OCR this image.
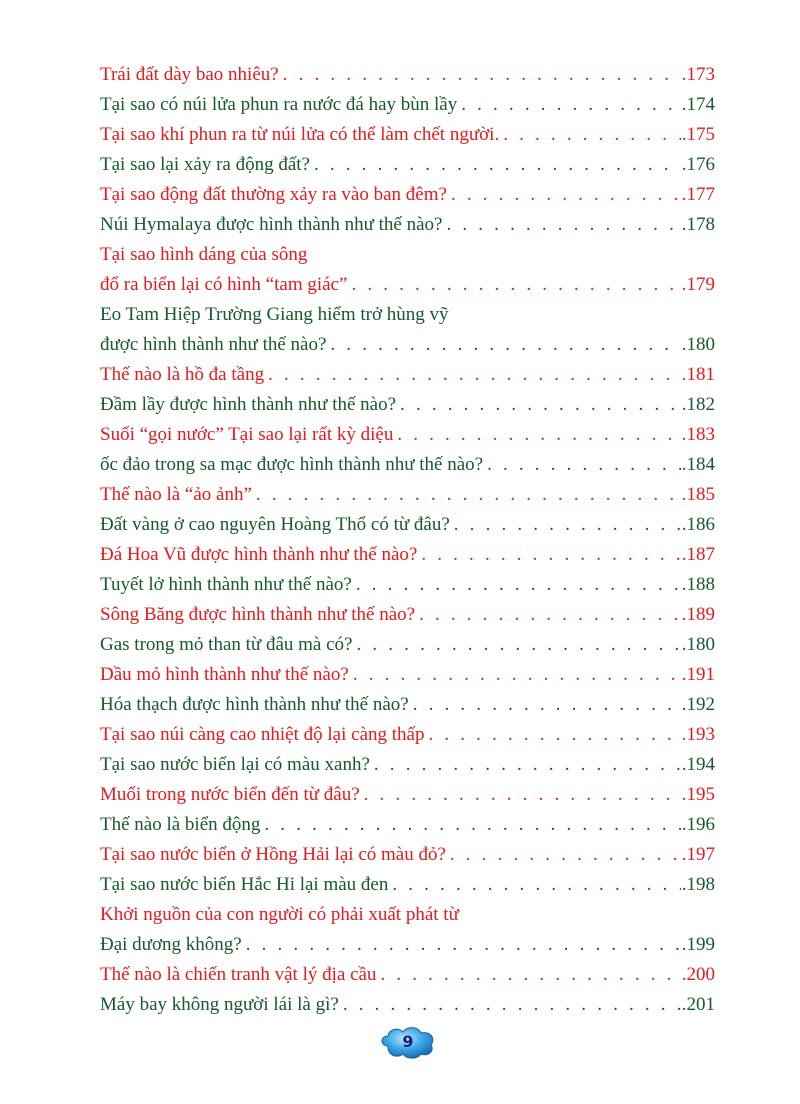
Trái đất dày bao nhiêu? . . .	.173
Tại sao có núi lửa phun ra nước đá hay bùn lầy . . .	.174
Tại sao khí phun ra từ núi lửa có thể làm chết người. . . .	.175
Tại sao lại xảy ra động đất? . . .	.176
Tại sao động đất thường xảy ra vào ban đêm? . . .	.177
Núi Hymalaya được hình thành như thế nào? . . .	.178
Tại sao hình dáng của sông
đổ ra biển lại có hình “tam giác” . . .	.179
Eo Tam Hiệp Trường Giang hiểm trở hùng vỹ
được hình thành như thế nào? . . .	.180
Thế nào là hồ đa tầng . . .	.181
Đầm lầy được hình thành như thế nào? . . .	.182
Suối “gọi nước” Tại sao lại rất kỳ diệu . . .	.183
ốc đảo trong sa mạc được hình thành như thế nào? . . .	.184
Thế nào là “ảo ảnh” . . .	.185
Đất vàng ở cao nguyên Hoàng Thổ có từ đâu? . . .	.186
Đá Hoa Vũ được hình thành như thế nào? . . .	.187
Tuyết lở hình thành như thế nào? . . .	.188
Sông Băng được hình thành như thế nào? . . .	.189
Gas trong mỏ than từ đâu mà có? . . .	.180
Dầu mỏ hình thành như thế nào? . . .	.191
Hóa thạch được hình thành như thế nào? . . .	.192
Tại sao núi càng cao nhiệt độ lại càng thấp . . .	.193
Tại sao nước biển lại có màu xanh? . . .	.194
Muối trong nước biển đến từ đâu? . . .	.195
Thế nào là biển động . . .	.196
Tại sao nước biển ở Hồng Hải lại có màu đỏ? . . .	.197
Tại sao nước biển Hắc Hi lại màu đen . . .	.198
Khởi nguồn của con người có phải xuất phát từ
Đại dương không? . . .	.199
Thế nào là chiến tranh vật lý địa cầu . . .	.200
Máy bay không người lái là gì? . . .	.201
9
